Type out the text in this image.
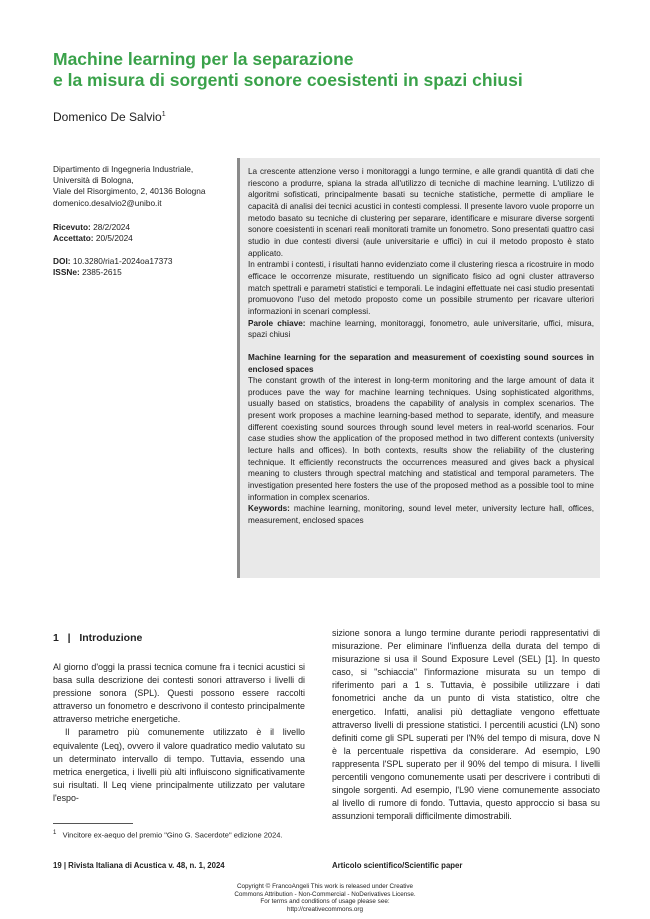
Machine learning per la separazione
e la misura di sorgenti sonore coesistenti in spazi chiusi
Domenico De Salvio$^1$
Dipartimento di Ingegneria Industriale,
Università di Bologna,
Viale del Risorgimento, 2, 40136 Bologna
domenico.desalvio2@unibo.it
Ricevuto: 28/2/2024
Accettato: 20/5/2024
DOI: 10.3280/ria1-2024oa17373
ISSNe: 2385-2615

La crescente attenzione verso i monitoraggi a lungo termine, e alle grandi quantità di dati che riescono a produrre, spiana la strada all'utilizzo di tecniche di machine learning. L'utilizzo di algoritmi sofisticati, principalmente basati su tecniche statistiche, permette di ampliare le capacità di analisi dei tecnici acustici in contesti complessi. Il presente lavoro vuole proporre un metodo basato su tecniche di clustering per separare, identificare e misurare diverse sorgenti sonore coesistenti in scenari reali monitorati tramite un fonometro. Sono presentati quattro casi studio in due contesti diversi (aule universitarie e uffici) in cui il metodo proposto è stato applicato.

In entrambi i contesti, i risultati hanno evidenziato come il clustering riesca a ricostruire in modo efficace le occorrenze misurate, restituendo un significato fisico ad ogni cluster attraverso match spettrali e parametri statistici e temporali. Le indagini effettuate nei casi studio presentati promuovono l'uso del metodo proposto come un possibile strumento per ricavare ulteriori informazioni in scenari complessi.

Parole chiave: machine learning, monitoraggi, fonometro, aule universitarie, uffici, misura, spazi chiusi

Machine learning for the separation and measurement of coexisting sound sources in enclosed spaces

The constant growth of the interest in long-term monitoring and the large amount of data it produces pave the way for machine learning techniques. Using sophisticated algorithms, usually based on statistics, broadens the capability of analysis in complex scenarios. The present work proposes a machine learning-based method to separate, identify, and measure different coexisting sound sources through sound level meters in real-world scenarios. Four case studies show the application of the proposed method in two different contexts (university lecture halls and offices). In both contexts, results show the reliability of the clustering technique. It efficiently reconstructs the occurrences measured and gives back a physical meaning to clusters through spectral matching and statistical and temporal parameters. The investigation presented here fosters the use of the proposed method as a possible tool to mine information in complex scenarios.

Keywords: machine learning, monitoring, sound level meter, university lecture hall, offices, measurement, enclosed spaces

1 | Introduzione

Al giorno d'oggi la prassi tecnica comune fra i tecnici acustici si basa sulla descrizione dei contesti sonori attraverso i livelli di pressione sonora (SPL). Questi possono essere raccolti attraverso un fonometro e descrivono il contesto principalmente attraverso metriche energetiche.

Il parametro più comunemente utilizzato è il livello equivalente (Leq), ovvero il valore quadratico medio valutato su un determinato intervallo di tempo. Tuttavia, essendo una metrica energetica, i livelli più alti influiscono significativamente sui risultati. Il Leq viene principalmente utilizzato per valutare l'espo-

sizione sonora a lungo termine durante periodi rappresentativi di misurazione. Per eliminare l'influenza della durata del tempo di misurazione si usa il Sound Exposure Level (SEL) [1]. In questo caso, si "schiaccia" l'informazione misurata su un tempo di riferimento pari a 1 s. Tuttavia, è possibile utilizzare i dati fonometrici anche da un punto di vista statistico, oltre che energetico. Infatti, analisi più dettagliate vengono effettuate attraverso livelli di pressione statistici. I percentili acustici (LN) sono definiti come gli SPL superati per l'N% del tempo di misura, dove N è la percentuale rispettiva da considerare. Ad esempio, L90 rappresenta l'SPL superato per il 90% del tempo di misura. I livelli percentili vengono comunemente usati per descrivere i contributi di singole sorgenti. Ad esempio, l'L90 viene comunemente associato al livello di rumore di fondo. Tuttavia, questo approccio si basa su assunzioni temporali difficilmente dimostrabili.

$^1$ Vincitore ex-aequo del premio "Gino G. Sacerdote" edizione 2024.
19 | Rivista Italiana di Acustica v. 48, n. 1, 2024	Articolo scientifico/Scientific paper
Copyright © FrancoAngeli This work is released under Creative
Commons Attribution - Non-Commercial - NoDerivatives License.
For terms and conditions of usage please see:
http://creativecommons.org
